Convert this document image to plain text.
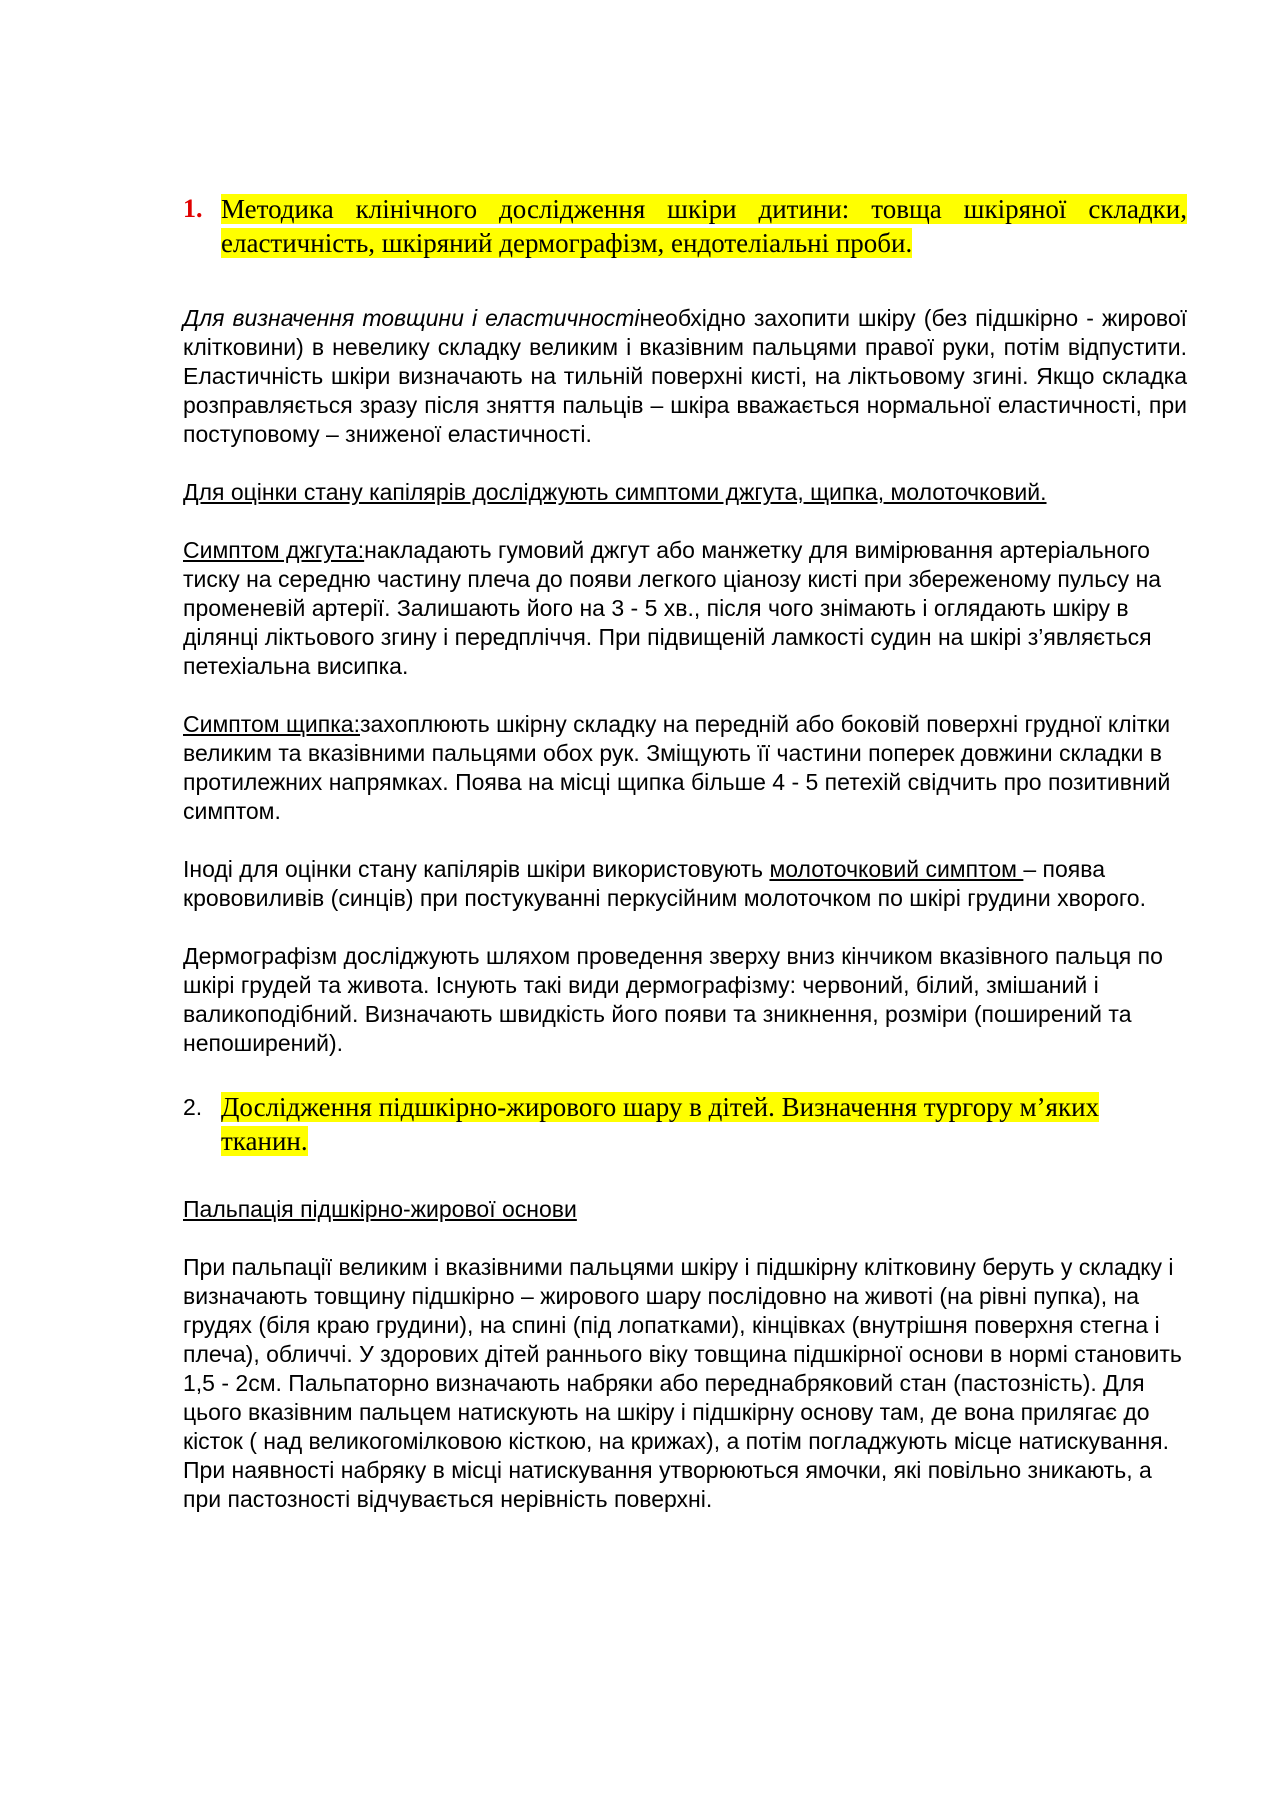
1. Методика клінічного дослідження шкіри дитини: товща шкіряної складки, еластичність, шкіряний дермографізм, ендотеліальні проби.

Для визначення товщини і еластичностінеобхідно захопити шкіру (без підшкірно - жирової клітковини) в невелику складку великим і вказівним пальцями правої руки, потім відпустити. Еластичність шкіри визначають на тильній поверхні кисті, на ліктьовому згині. Якщо складка розправляється зразу після зняття пальців – шкіра вважається нормальної еластичності, при поступовому – зниженої еластичності.

Для оцінки стану капілярів досліджують симптоми джгута, щипка, молоточковий.

Симптом джгута:накладають гумовий джгут або манжетку для вимірювання артеріального тиску на середню частину плеча до появи легкого ціанозу кисті при збереженому пульсу на променевій артерії. Залишають його на 3 - 5 хв., після чого знімають і оглядають шкіру в ділянці ліктьового згину і передпліччя. При підвищеній ламкості судин на шкірі з’являється петехіальна висипка.

Симптом щипка:захоплюють шкірну складку на передній або боковій поверхні грудної клітки великим та вказівними пальцями обох рук. Зміщують її частини поперек довжини складки в протилежних напрямках. Поява на місці щипка більше 4 - 5 петехій свідчить про позитивний симптом.

Іноді для оцінки стану капілярів шкіри використовують молоточковий симптом – поява крововиливів (синців) при постукуванні перкусійним молоточком по шкірі грудини хворого.

Дермографізм досліджують шляхом проведення зверху вниз кінчиком вказівного пальця по шкірі грудей та живота. Існують такі види дермографізму: червоний, білий, змішаний і валикоподібний. Визначають швидкість його появи та зникнення, розміри (поширений та непоширений).

2. Дослідження підшкірно-жирового шару в дітей. Визначення тургору м’яких тканин.

Пальпація підшкірно-жирової основи

При пальпації великим і вказівними пальцями шкіру і підшкірну клітковину беруть у складку і визначають товщину підшкірно – жирового шару послідовно на животі (на рівні пупка), на грудях (біля краю грудини), на спині (під лопатками), кінцівках (внутрішня поверхня стегна і плеча), обличчі. У здорових дітей раннього віку товщина підшкірної основи в нормі становить 1,5 - 2см. Пальпаторно визначають набряки або переднабряковий стан (пастозність). Для цього вказівним пальцем натискують на шкіру і підшкірну основу там, де вона прилягає до кісток ( над великогомілковою кісткою, на крижах), а потім погладжують місце натискування. При наявності набряку в місці натискування утворюються ямочки, які повільно зникають, а при пастозності відчувається нерівність поверхні.
